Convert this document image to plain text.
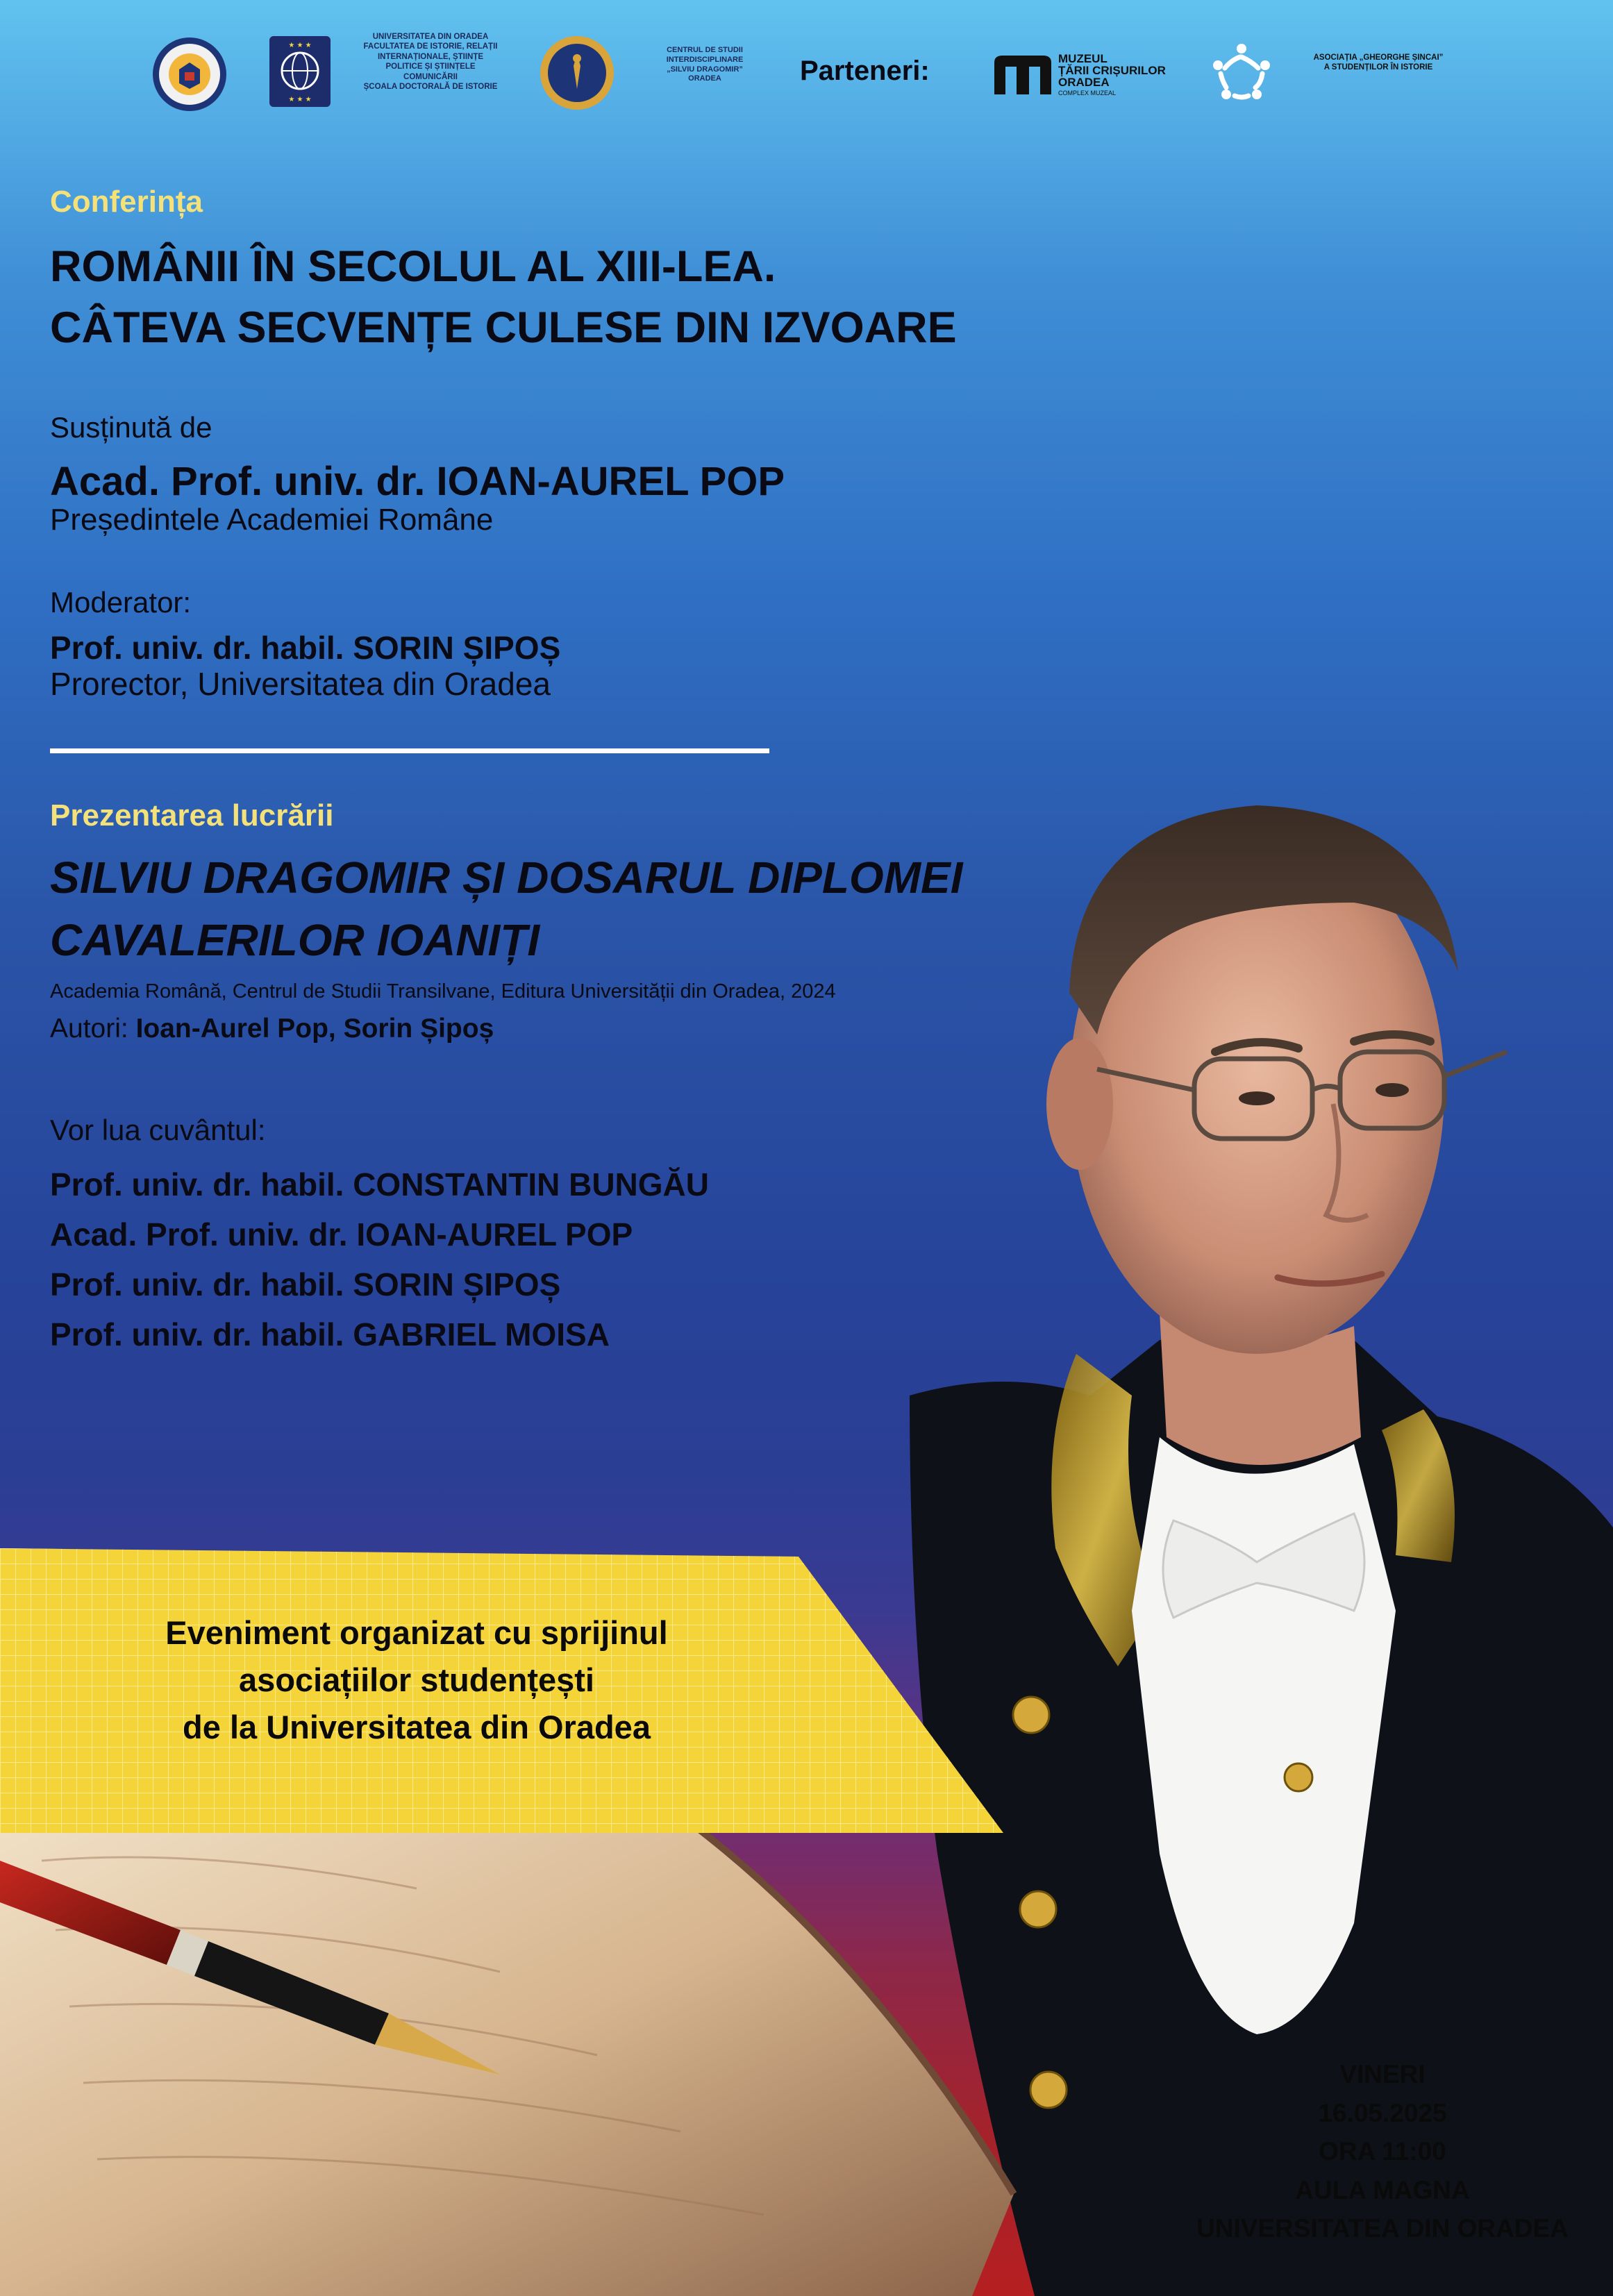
★ ★ ★
★ ★ ★
UNIVERSITATEA DIN ORADEA
FACULTATEA DE ISTORIE, RELAȚII INTERNAȚIONALE, ȘTIINȚE POLITICE ȘI ȘTIINȚELE COMUNICĂRII
ȘCOALA DOCTORALĂ DE ISTORIE
CENTRUL DE STUDII INTERDISCIPLINARE „SILVIU DRAGOMIR” ORADEA	Parteneri:	MUZEUL
ȚĂRII CRIȘURILOR
ORADEA
COMPLEX MUZEAL
ASOCIAȚIA „GHEORGHE ȘINCAI” A STUDENȚILOR ÎN ISTORIE
Conferința
ROMÂNII ÎN SECOLUL AL XIII-LEA.
CÂTEVA SECVENȚE CULESE DIN IZVOARE
Susținută de
Acad. Prof. univ. dr. IOAN-AUREL POP
Președintele Academiei Române
Moderator:
Prof. univ. dr. habil. SORIN ȘIPOȘ
Prorector, Universitatea din Oradea
Prezentarea lucrării
SILVIU DRAGOMIR ȘI DOSARUL DIPLOMEI
CAVALERILOR IOANIȚI
Academia Română, Centrul de Studii Transilvane, Editura Universității din Oradea, 2024
Autori: Ioan-Aurel Pop, Sorin Șipoș
Vor lua cuvântul:
Prof. univ. dr. habil. CONSTANTIN BUNGĂU
Acad. Prof. univ. dr. IOAN-AUREL POP
Prof. univ. dr. habil. SORIN ȘIPOȘ
Prof. univ. dr. habil. GABRIEL MOISA
Eveniment organizat cu sprijinul
asociațiilor studențești
de la Universitatea din Oradea
VINERI
16.05.2025
ORA 11:00
AULA MAGNA
UNIVERSITATEA DIN ORADEA
